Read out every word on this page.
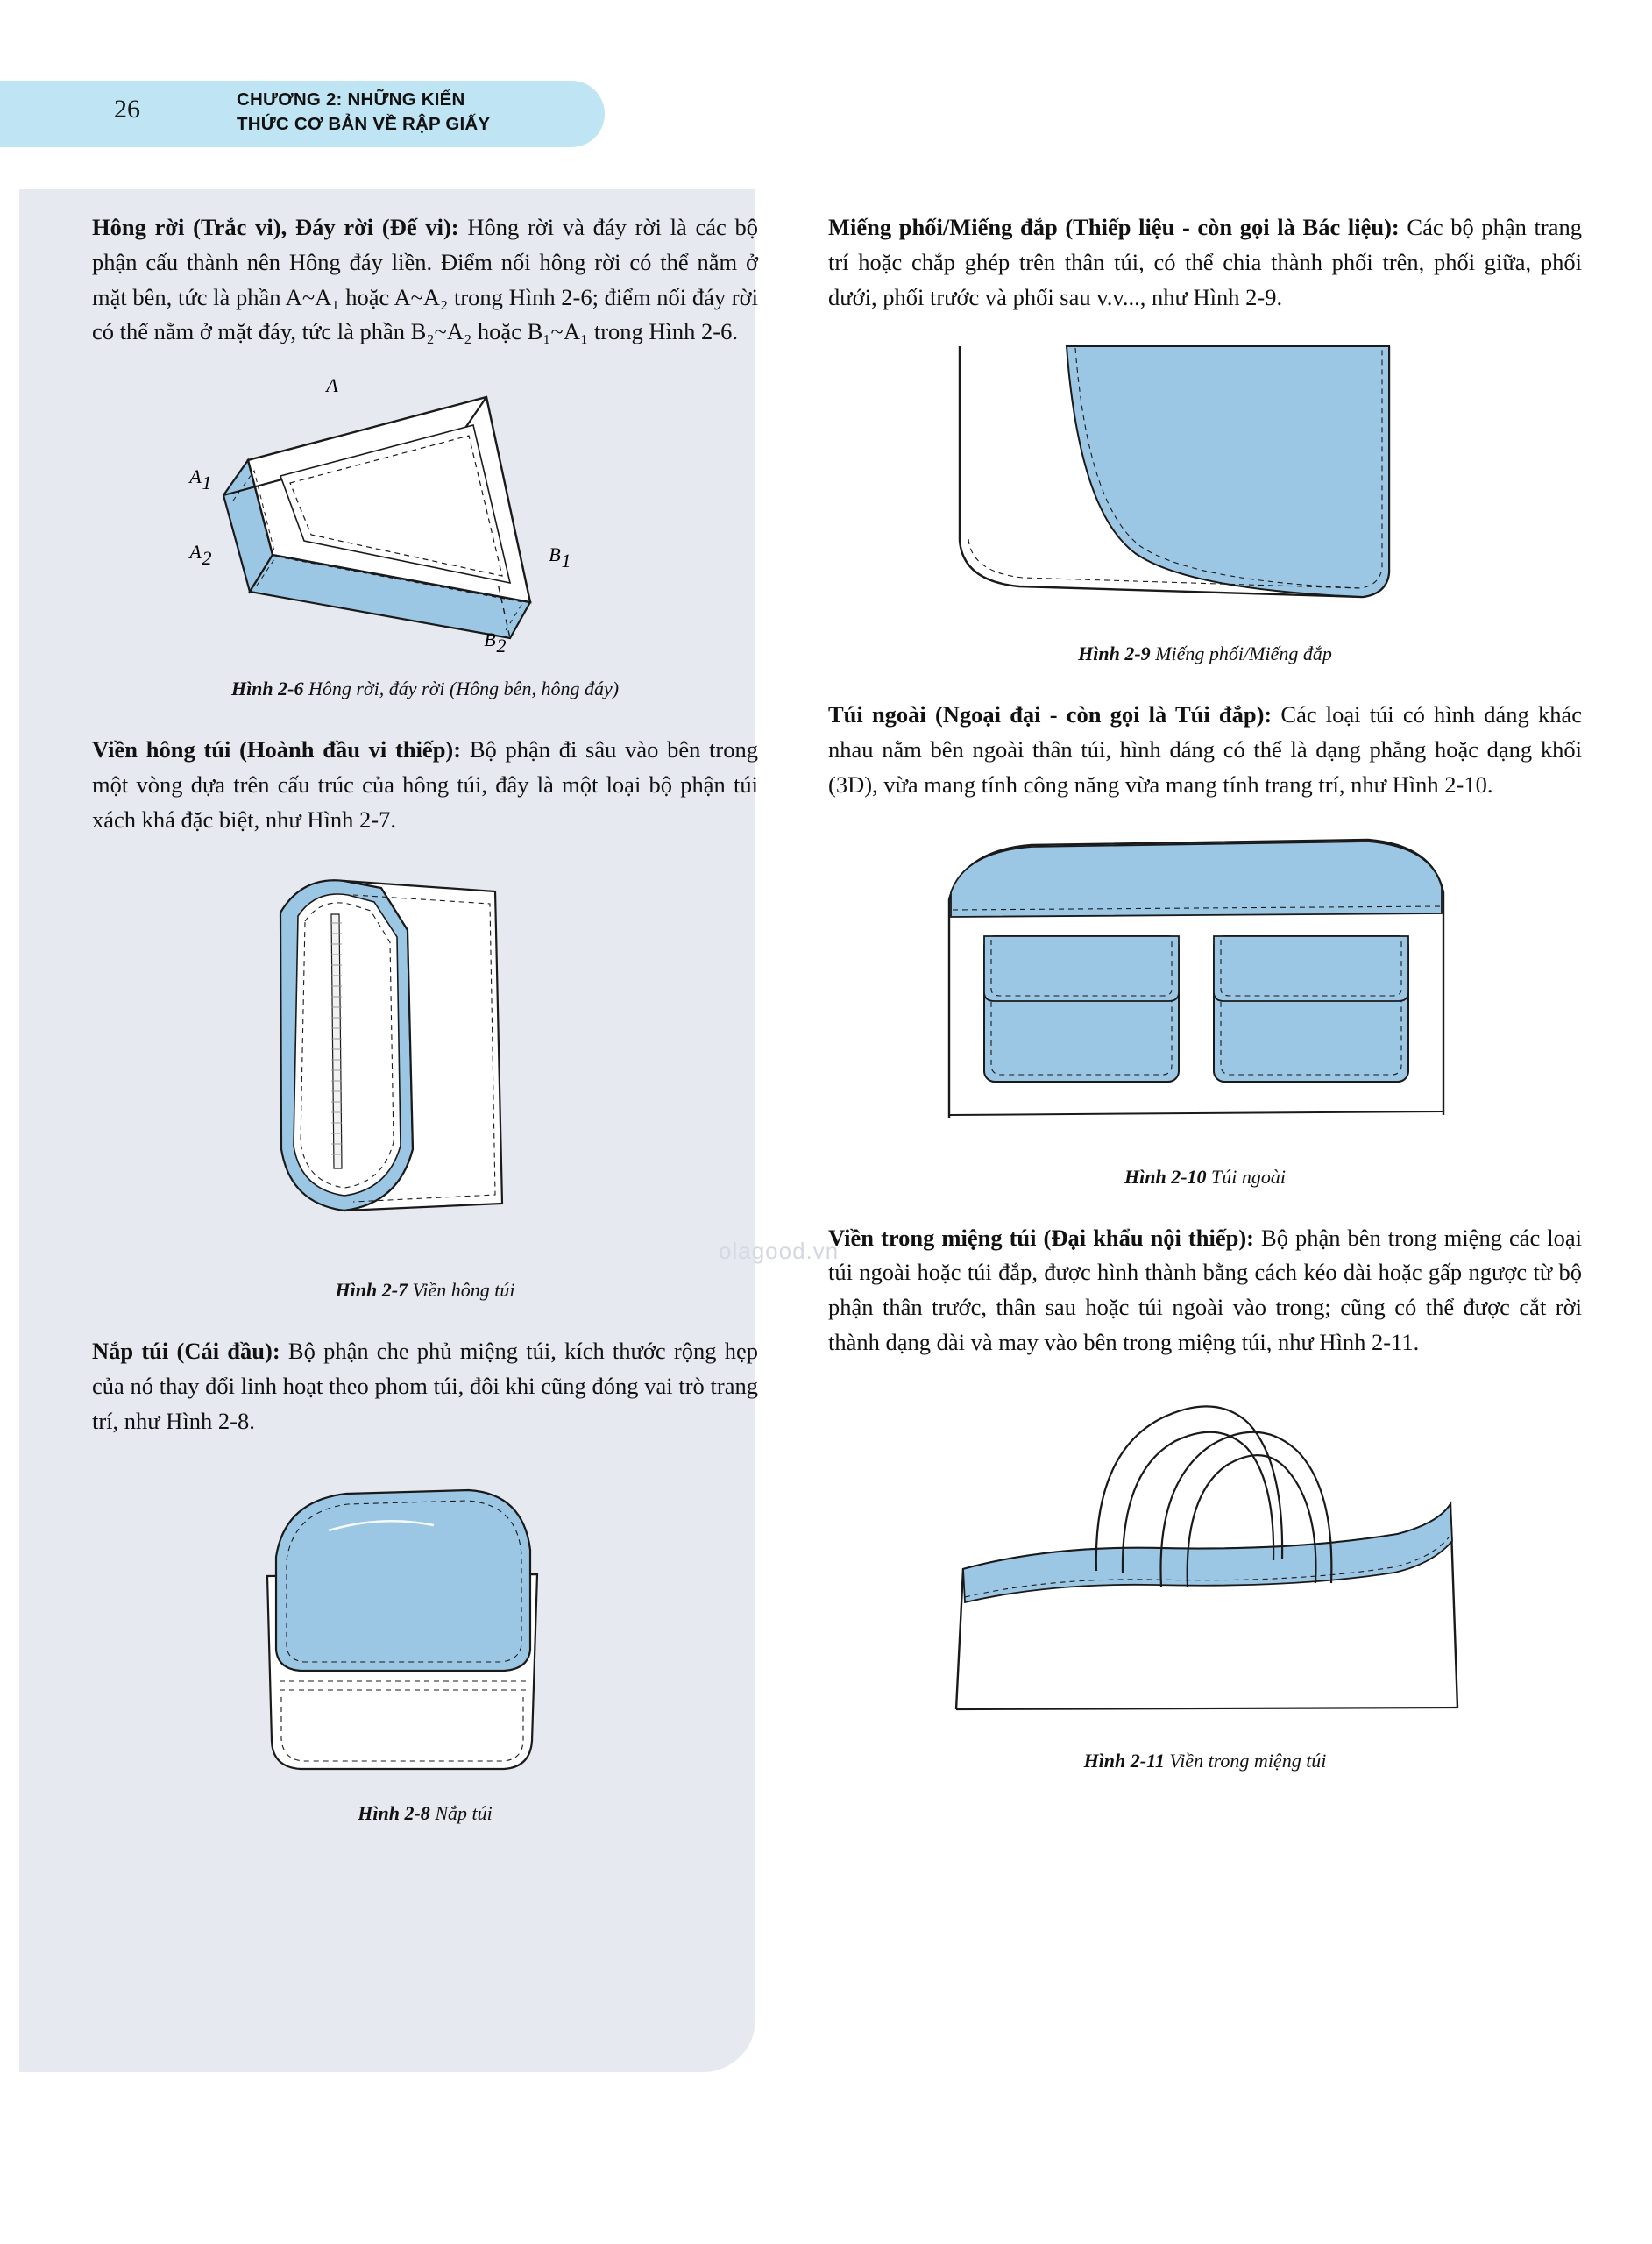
26	CHƯƠNG 2: NHỮNG KIẾN
THỨC CƠ BẢN VỀ RẬP GIẤY
olagood.vn

Hông rời (Trắc vi), Đáy rời (Đế vi): Hông rời và đáy rời là các bộ phận cấu thành nên Hông đáy liền. Điểm nối hông rời có thể nằm ở mặt bên, tức là phần A~A₁ hoặc A~A₂ trong Hình 2-6; điểm nối đáy rời có thể nằm ở mặt đáy, tức là phần B₂~A₂ hoặc B₁~A₁ trong Hình 2-6.

A
A 1
A 2	B 1
B 2
Hình 2-6 Hông rời, đáy rời (Hông bên, hông đáy)

Viền hông túi (Hoành đầu vi thiếp): Bộ phận đi sâu vào bên trong một vòng dựa trên cấu trúc của hông túi, đây là một loại bộ phận túi xách khá đặc biệt, như Hình 2-7.

Hình 2-7 Viền hông túi

Nắp túi (Cái đầu): Bộ phận che phủ miệng túi, kích thước rộng hẹp của nó thay đổi linh hoạt theo phom túi, đôi khi cũng đóng vai trò trang trí, như Hình 2-8.

Hình 2-8 Nắp túi

Miếng phối/Miếng đắp (Thiếp liệu - còn gọi là Bác liệu): Các bộ phận trang trí hoặc chắp ghép trên thân túi, có thể chia thành phối trên, phối giữa, phối dưới, phối trước và phối sau v.v..., như Hình 2-9.

Hình 2-9 Miếng phối/Miếng đắp

Túi ngoài (Ngoại đại - còn gọi là Túi đắp): Các loại túi có hình dáng khác nhau nằm bên ngoài thân túi, hình dáng có thể là dạng phẳng hoặc dạng khối (3D), vừa mang tính công năng vừa mang tính trang trí, như Hình 2-10.

Hình 2-10 Túi ngoài

Viền trong miệng túi (Đại khẩu nội thiếp): Bộ phận bên trong miệng các loại túi ngoài hoặc túi đắp, được hình thành bằng cách kéo dài hoặc gấp ngược từ bộ phận thân trước, thân sau hoặc túi ngoài vào trong; cũng có thể được cắt rời thành dạng dài và may vào bên trong miệng túi, như Hình 2-11.

Hình 2-11 Viền trong miệng túi
